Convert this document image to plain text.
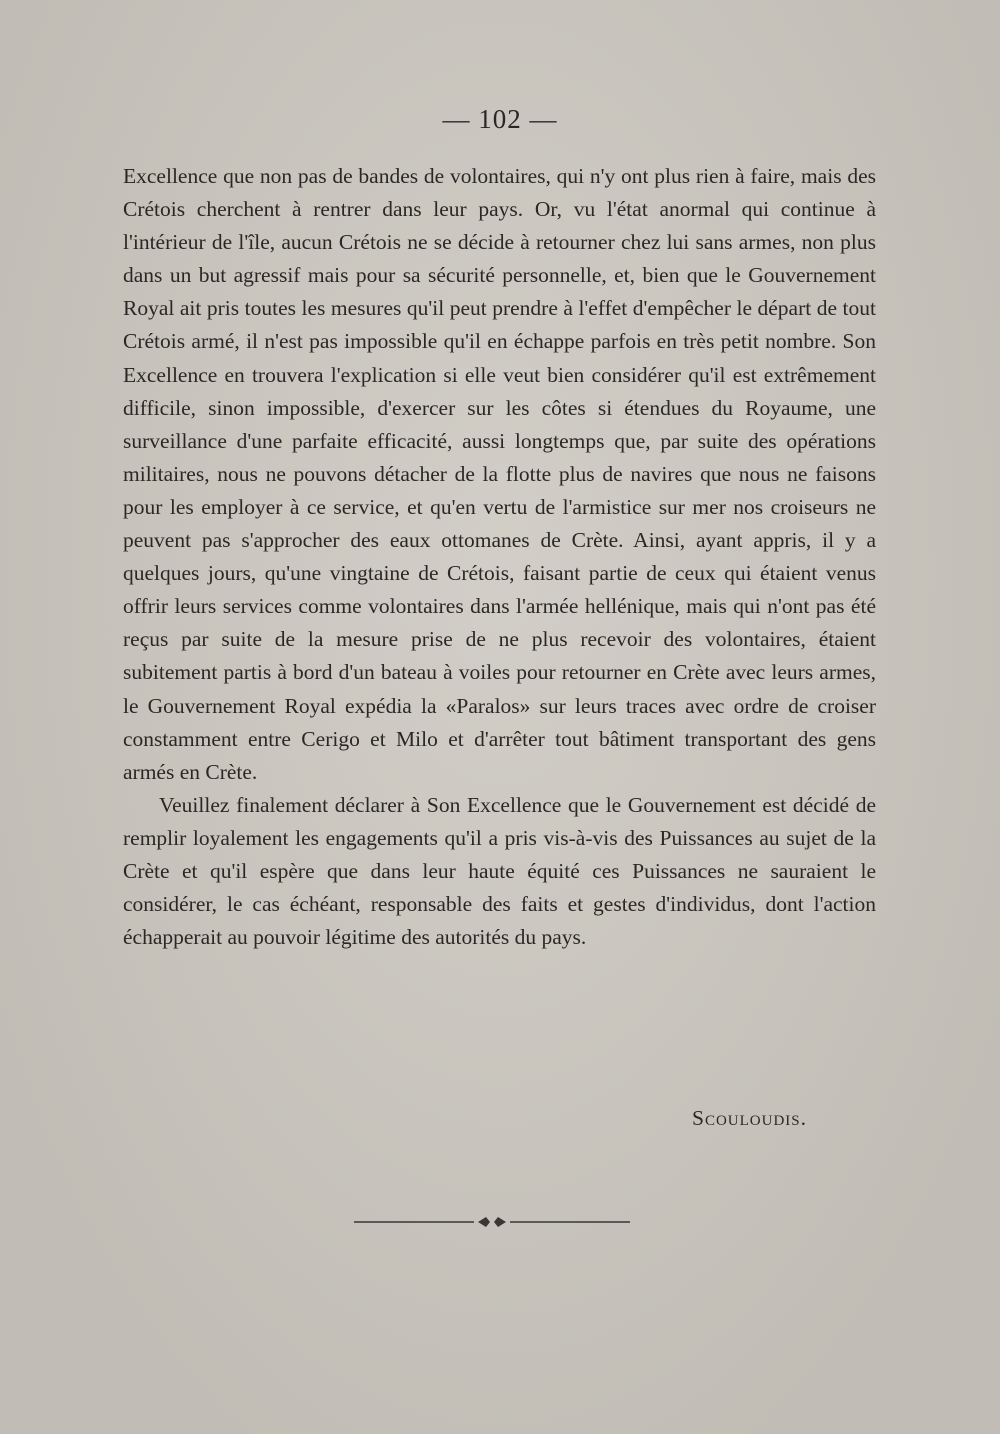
— 102 —

Excellence que non pas de bandes de volontaires, qui n'y ont plus rien à faire, mais des Crétois cherchent à rentrer dans leur pays. Or, vu l'état anormal qui continue à l'intérieur de l'île, aucun Crétois ne se décide à retourner chez lui sans armes, non plus dans un but agressif mais pour sa sécurité personnelle, et, bien que le Gouvernement Royal ait pris toutes les mesures qu'il peut prendre à l'effet d'empêcher le départ de tout Crétois armé, il n'est pas impossible qu'il en échappe parfois en très petit nombre. Son Excellence en trouvera l'explication si elle veut bien considérer qu'il est extrêmement difficile, sinon impossible, d'exercer sur les côtes si étendues du Royaume, une surveillance d'une parfaite efficacité, aussi longtemps que, par suite des opérations militaires, nous ne pouvons détacher de la flotte plus de navires que nous ne faisons pour les employer à ce service, et qu'en vertu de l'armistice sur mer nos croiseurs ne peuvent pas s'approcher des eaux ottomanes de Crète. Ainsi, ayant appris, il y a quelques jours, qu'une vingtaine de Crétois, faisant partie de ceux qui étaient venus offrir leurs services comme volontaires dans l'armée hellénique, mais qui n'ont pas été reçus par suite de la mesure prise de ne plus recevoir des volontaires, étaient subitement partis à bord d'un bateau à voiles pour retourner en Crète avec leurs armes, le Gouvernement Royal expédia la «Paralos» sur leurs traces avec ordre de croiser constamment entre Cerigo et Milo et d'arrêter tout bâtiment transportant des gens armés en Crète.

Veuillez finalement déclarer à Son Excellence que le Gouvernement est décidé de remplir loyalement les engagements qu'il a pris vis-à-vis des Puissances au sujet de la Crète et qu'il espère que dans leur haute équité ces Puissances ne sauraient le considérer, le cas échéant, responsable des faits et gestes d'individus, dont l'action échapperait au pouvoir légitime des autorités du pays.

Scouloudis.
